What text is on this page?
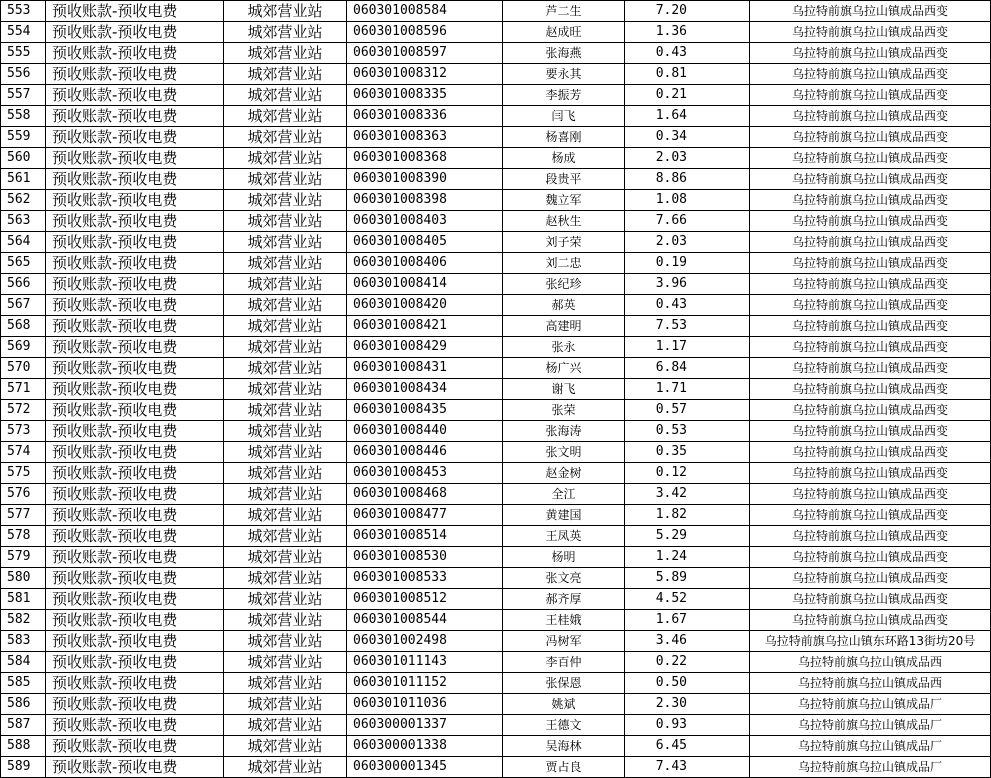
553	预收账款-预收电费	城郊营业站	060301008584	芦二生	7.20	乌拉特前旗乌拉山镇成品西变
554	预收账款-预收电费	城郊营业站	060301008596	赵成旺	1.36	乌拉特前旗乌拉山镇成品西变
555	预收账款-预收电费	城郊营业站	060301008597	张海燕	0.43	乌拉特前旗乌拉山镇成品西变
556	预收账款-预收电费	城郊营业站	060301008312	要永其	0.81	乌拉特前旗乌拉山镇成品西变
557	预收账款-预收电费	城郊营业站	060301008335	李振芳	0.21	乌拉特前旗乌拉山镇成品西变
558	预收账款-预收电费	城郊营业站	060301008336	闫飞	1.64	乌拉特前旗乌拉山镇成品西变
559	预收账款-预收电费	城郊营业站	060301008363	杨喜刚	0.34	乌拉特前旗乌拉山镇成品西变
560	预收账款-预收电费	城郊营业站	060301008368	杨成	2.03	乌拉特前旗乌拉山镇成品西变
561	预收账款-预收电费	城郊营业站	060301008390	段贵平	8.86	乌拉特前旗乌拉山镇成品西变
562	预收账款-预收电费	城郊营业站	060301008398	魏立军	1.08	乌拉特前旗乌拉山镇成品西变
563	预收账款-预收电费	城郊营业站	060301008403	赵秋生	7.66	乌拉特前旗乌拉山镇成品西变
564	预收账款-预收电费	城郊营业站	060301008405	刘子荣	2.03	乌拉特前旗乌拉山镇成品西变
565	预收账款-预收电费	城郊营业站	060301008406	刘二忠	0.19	乌拉特前旗乌拉山镇成品西变
566	预收账款-预收电费	城郊营业站	060301008414	张纪珍	3.96	乌拉特前旗乌拉山镇成品西变
567	预收账款-预收电费	城郊营业站	060301008420	郝英	0.43	乌拉特前旗乌拉山镇成品西变
568	预收账款-预收电费	城郊营业站	060301008421	高建明	7.53	乌拉特前旗乌拉山镇成品西变
569	预收账款-预收电费	城郊营业站	060301008429	张永	1.17	乌拉特前旗乌拉山镇成品西变
570	预收账款-预收电费	城郊营业站	060301008431	杨广兴	6.84	乌拉特前旗乌拉山镇成品西变
571	预收账款-预收电费	城郊营业站	060301008434	谢飞	1.71	乌拉特前旗乌拉山镇成品西变
572	预收账款-预收电费	城郊营业站	060301008435	张荣	0.57	乌拉特前旗乌拉山镇成品西变
573	预收账款-预收电费	城郊营业站	060301008440	张海涛	0.53	乌拉特前旗乌拉山镇成品西变
574	预收账款-预收电费	城郊营业站	060301008446	张文明	0.35	乌拉特前旗乌拉山镇成品西变
575	预收账款-预收电费	城郊营业站	060301008453	赵金树	0.12	乌拉特前旗乌拉山镇成品西变
576	预收账款-预收电费	城郊营业站	060301008468	全江	3.42	乌拉特前旗乌拉山镇成品西变
577	预收账款-预收电费	城郊营业站	060301008477	黄建国	1.82	乌拉特前旗乌拉山镇成品西变
578	预收账款-预收电费	城郊营业站	060301008514	王凤英	5.29	乌拉特前旗乌拉山镇成品西变
579	预收账款-预收电费	城郊营业站	060301008530	杨明	1.24	乌拉特前旗乌拉山镇成品西变
580	预收账款-预收电费	城郊营业站	060301008533	张文亮	5.89	乌拉特前旗乌拉山镇成品西变
581	预收账款-预收电费	城郊营业站	060301008512	郝齐厚	4.52	乌拉特前旗乌拉山镇成品西变
582	预收账款-预收电费	城郊营业站	060301008544	王桂娥	1.67	乌拉特前旗乌拉山镇成品西变
583	预收账款-预收电费	城郊营业站	060301002498	冯树军	3.46	乌拉特前旗乌拉山镇东环路13街坊20号
584	预收账款-预收电费	城郊营业站	060301011143	李百仲	0.22	乌拉特前旗乌拉山镇成品西
585	预收账款-预收电费	城郊营业站	060301011152	张保恩	0.50	乌拉特前旗乌拉山镇成品西
586	预收账款-预收电费	城郊营业站	060301011036	姚斌	2.30	乌拉特前旗乌拉山镇成品厂
587	预收账款-预收电费	城郊营业站	060300001337	王德文	0.93	乌拉特前旗乌拉山镇成品厂
588	预收账款-预收电费	城郊营业站	060300001338	吴海林	6.45	乌拉特前旗乌拉山镇成品厂
589	预收账款-预收电费	城郊营业站	060300001345	贾占良	7.43	乌拉特前旗乌拉山镇成品厂
